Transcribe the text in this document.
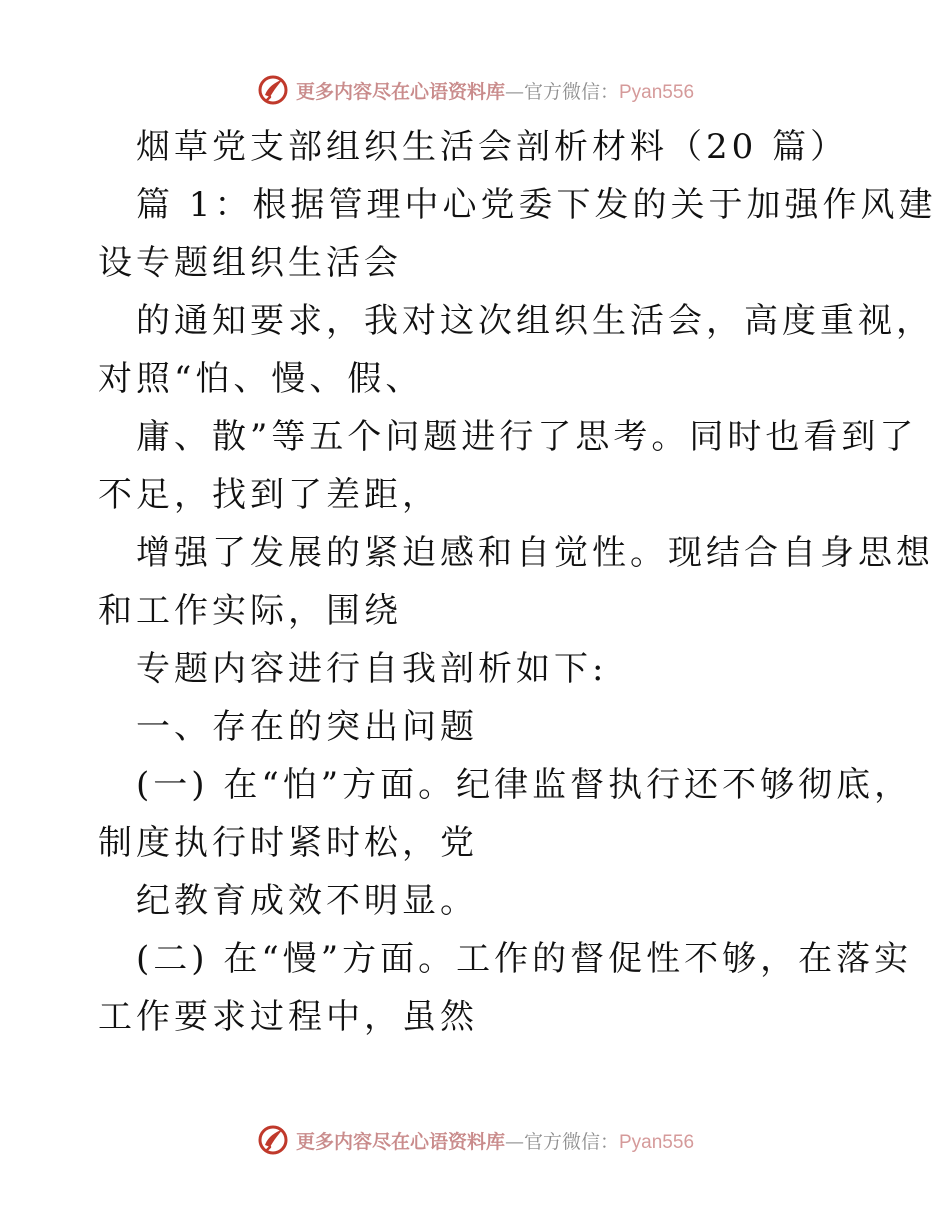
更多内容尽在心语资料库—官方微信：Pyan556
烟草党支部组织生活会剖析材料（20 篇）
篇 1：根据管理中心党委下发的关于加强作风建
设专题组织生活会
的通知要求，我对这次组织生活会，高度重视，
对照“怕、慢、假、
庸、散”等五个问题进行了思考。同时也看到了
不足，找到了差距，
增强了发展的紧迫感和自觉性。现结合自身思想
和工作实际，围绕
专题内容进行自我剖析如下:
一、存在的突出问题
(一) 在“怕”方面。纪律监督执行还不够彻底，
制度执行时紧时松，党
纪教育成效不明显。
(二) 在“慢”方面。工作的督促性不够，在落实
工作要求过程中，虽然
更多内容尽在心语资料库—官方微信：Pyan556
